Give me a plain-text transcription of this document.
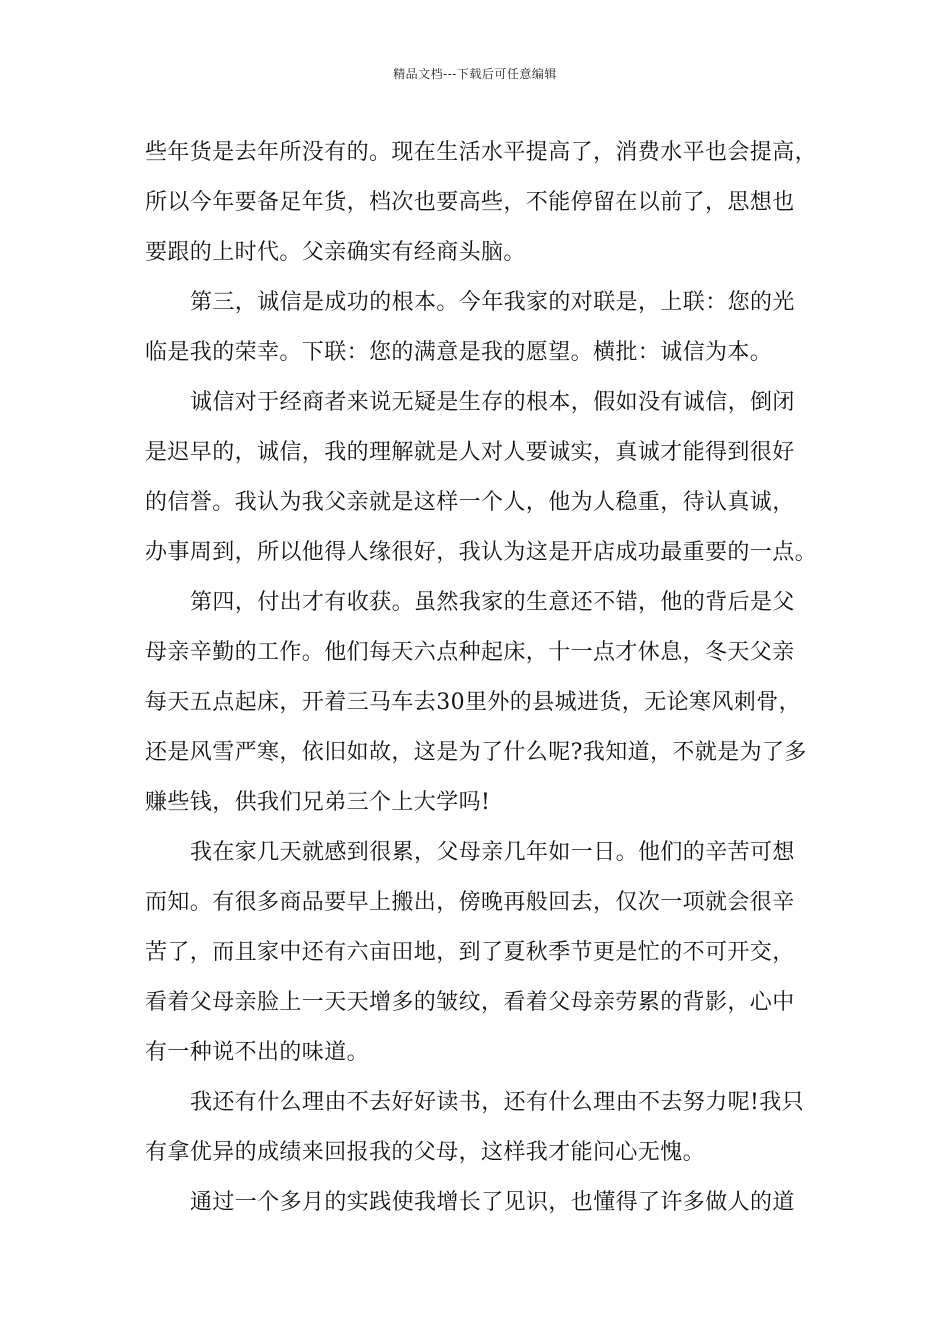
精品文档---下载后可任意编辑
些年货是去年所没有的。现在生活水平提高了，消费水平也会提高，
所以今年要备足年货，档次也要高些，不能停留在以前了，思想也
要跟的上时代。父亲确实有经商头脑。
第三，诚信是成功的根本。今年我家的对联是，上联：您的光
临是我的荣幸。下联：您的满意是我的愿望。横批：诚信为本。
诚信对于经商者来说无疑是生存的根本，假如没有诚信，倒闭
是迟早的，诚信，我的理解就是人对人要诚实，真诚才能得到很好
的信誉。我认为我父亲就是这样一个人，他为人稳重，待认真诚，
办事周到，所以他得人缘很好，我认为这是开店成功最重要的一点。
第四，付出才有收获。虽然我家的生意还不错，他的背后是父
母亲辛勤的工作。他们每天六点种起床，十一点才休息，冬天父亲
每天五点起床，开着三马车去30里外的县城进货，无论寒风刺骨，
还是风雪严寒，依旧如故，这是为了什么呢?我知道，不就是为了多
赚些钱，供我们兄弟三个上大学吗!
我在家几天就感到很累，父母亲几年如一日。他们的辛苦可想
而知。有很多商品要早上搬出，傍晚再般回去，仅次一项就会很辛
苦了，而且家中还有六亩田地，到了夏秋季节更是忙的不可开交，
看着父母亲脸上一天天增多的皱纹，看着父母亲劳累的背影，心中
有一种说不出的味道。
我还有什么理由不去好好读书，还有什么理由不去努力呢!我只
有拿优异的成绩来回报我的父母，这样我才能问心无愧。
通过一个多月的实践使我增长了见识，也懂得了许多做人的道
